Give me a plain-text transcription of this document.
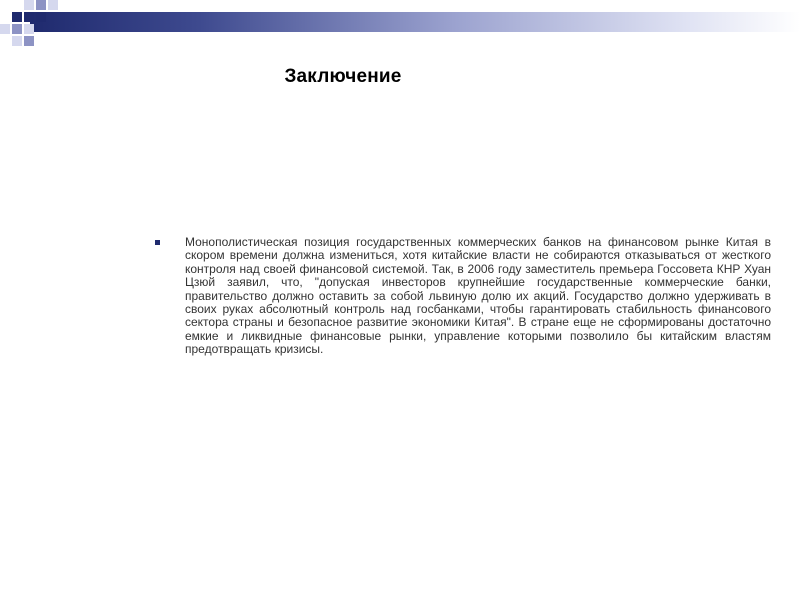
Заключение
Монополистическая позиция государственных коммерческих банков на финансовом рынке Китая в скором времени должна измениться, хотя китайские власти не собираются отказываться от жесткого контроля над своей финансовой системой. Так, в 2006 году заместитель премьера Госсовета КНР Хуан Цзюй заявил, что, "допуская инвесторов крупнейшие государственные коммерческие банки, правительство должно оставить за собой львиную долю их акций. Государство должно удерживать в своих руках абсолютный контроль над госбанками, чтобы гарантировать стабильность финансового сектора страны и безопасное развитие экономики Китая". В стране еще не сформированы достаточно емкие и ликвидные финансовые рынки, управление которыми позволило бы китайским властям предотвращать кризисы.
